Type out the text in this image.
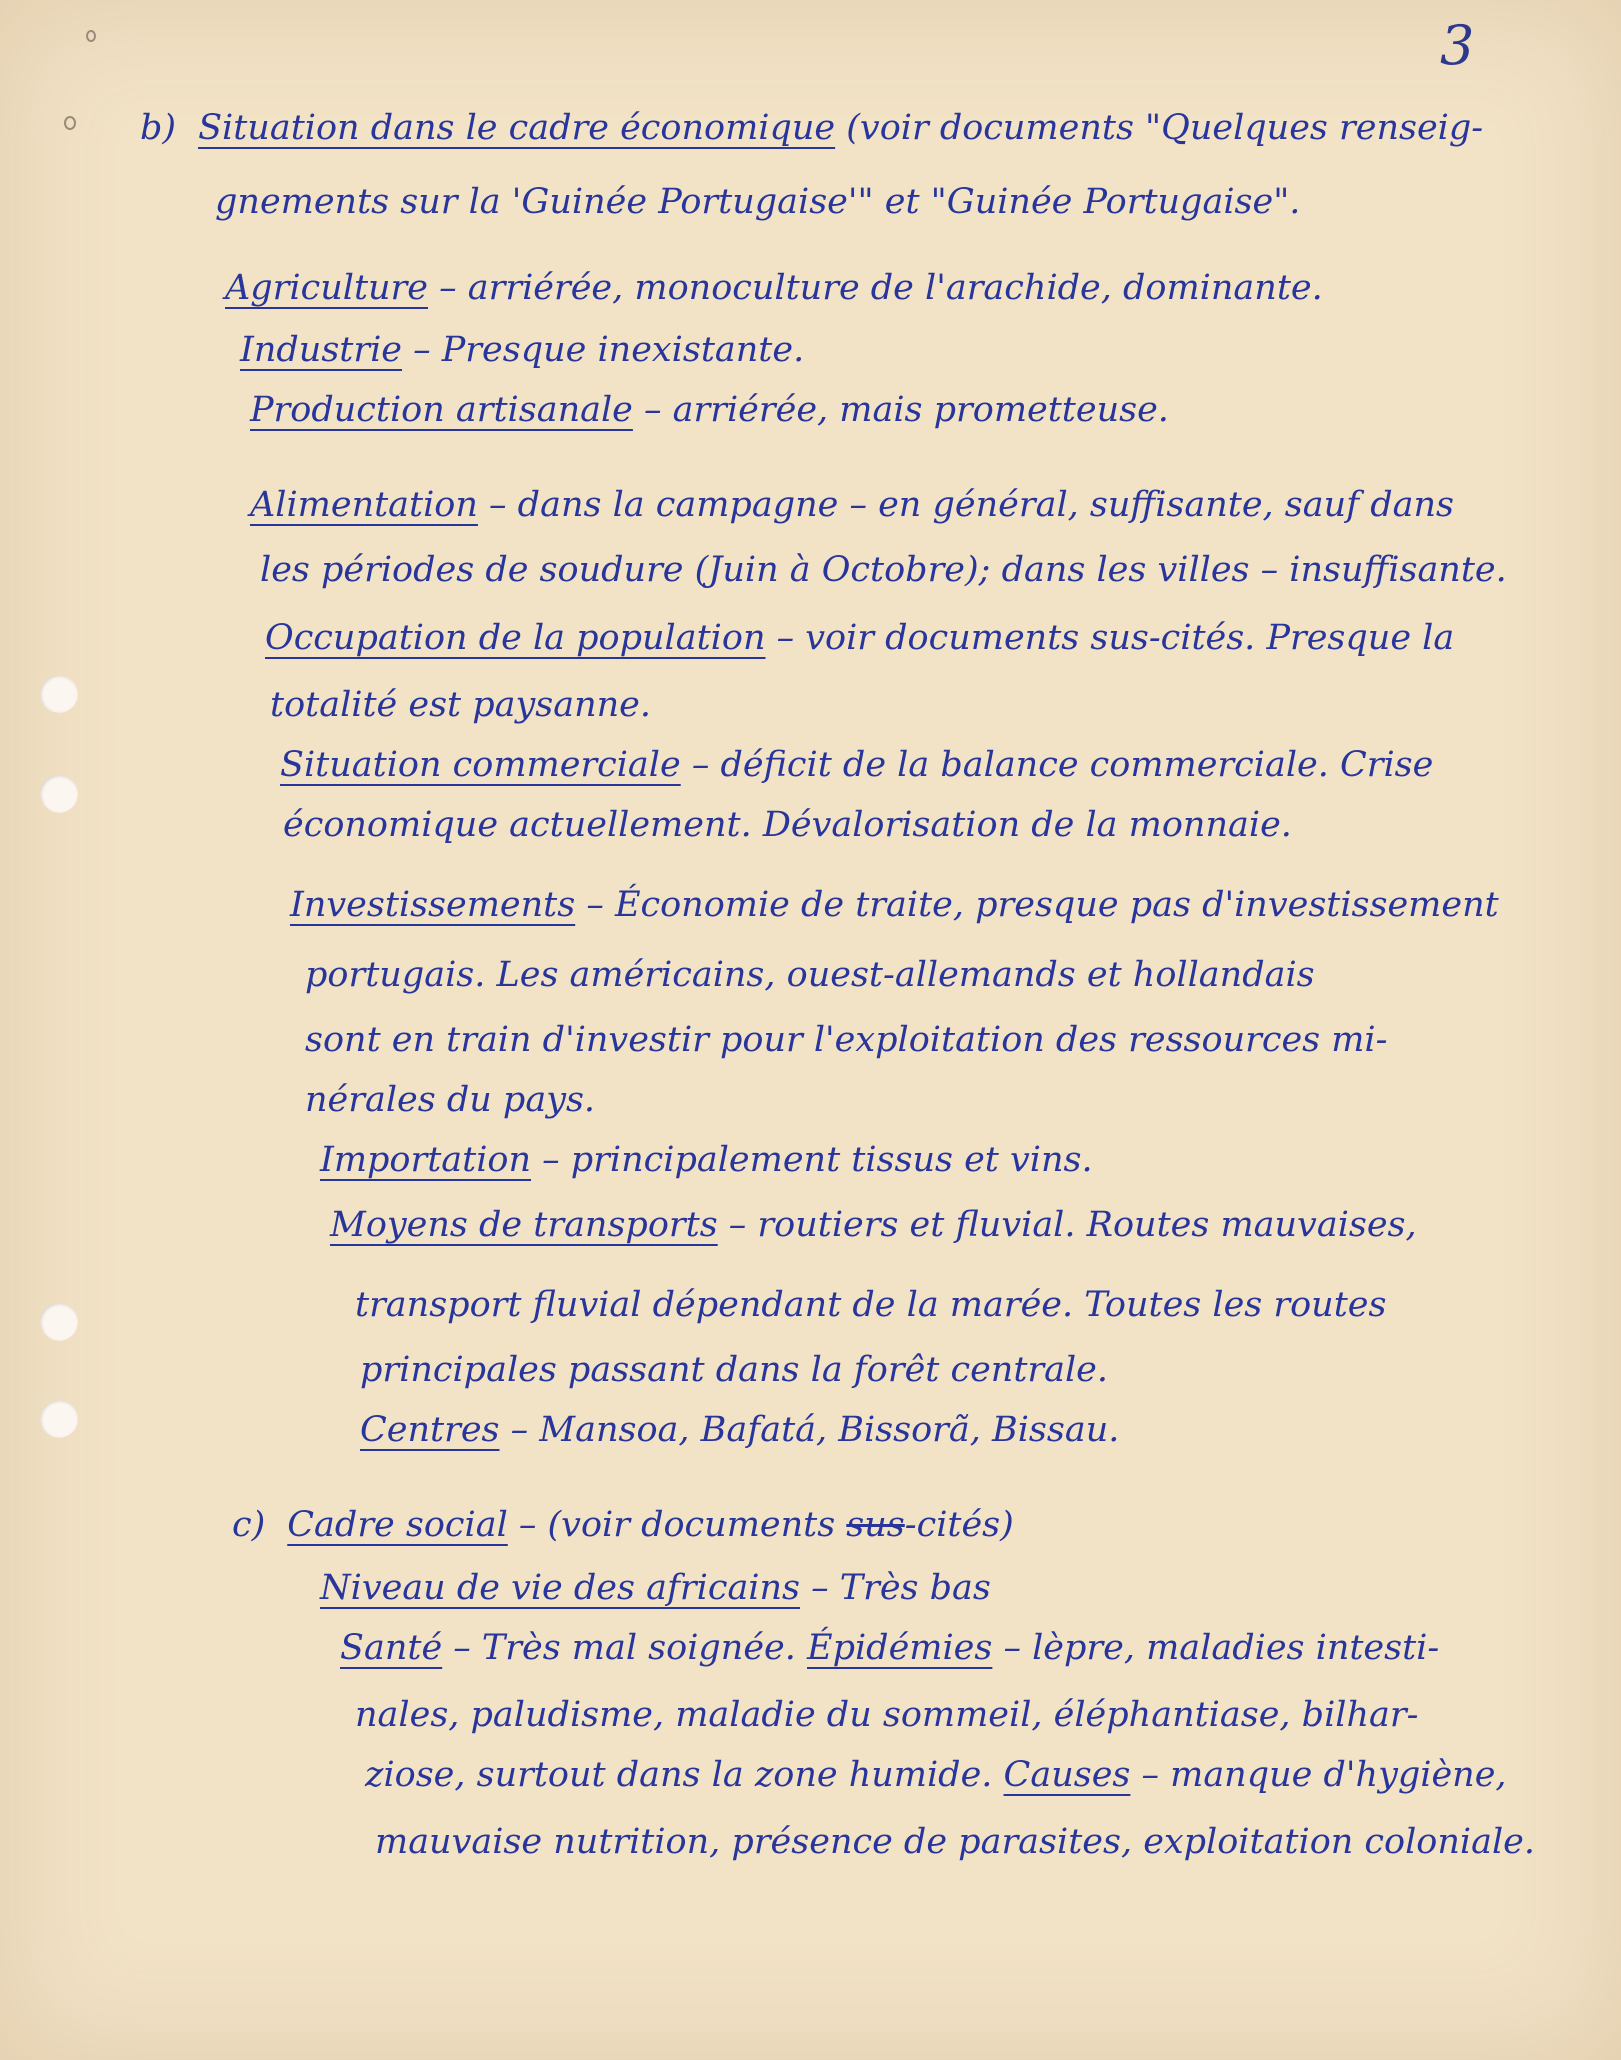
3

b) Situation dans le cadre économique (voir documents "Quelques renseig-

gnements sur la 'Guinée Portugaise'" et "Guinée Portugaise".

Agriculture – arriérée, monoculture de l'arachide, dominante.

Industrie – Presque inexistante.

Production artisanale – arriérée, mais prometteuse.

Alimentation – dans la campagne – en général, suffisante, sauf dans

les périodes de soudure (Juin à Octobre); dans les villes – insuffisante.

Occupation de la population – voir documents sus-cités. Presque la

totalité est paysanne.

Situation commerciale – déficit de la balance commerciale. Crise

économique actuellement. Dévalorisation de la monnaie.

Investissements – Économie de traite, presque pas d'investissement

portugais. Les américains, ouest-allemands et hollandais

sont en train d'investir pour l'exploitation des ressources mi-

nérales du pays.

Importation – principalement tissus et vins.

Moyens de transports – routiers et fluvial. Routes mauvaises,

transport fluvial dépendant de la marée. Toutes les routes

principales passant dans la forêt centrale.

Centres – Mansoa, Bafatá, Bissorã, Bissau.

c) Cadre social – (voir documents sus-cités)

Niveau de vie des africains – Très bas

Santé – Très mal soignée. Épidémies – lèpre, maladies intesti-

nales, paludisme, maladie du sommeil, éléphantiase, bilhar-

ziose, surtout dans la zone humide. Causes – manque d'hygiène,

mauvaise nutrition, présence de parasites, exploitation coloniale.
